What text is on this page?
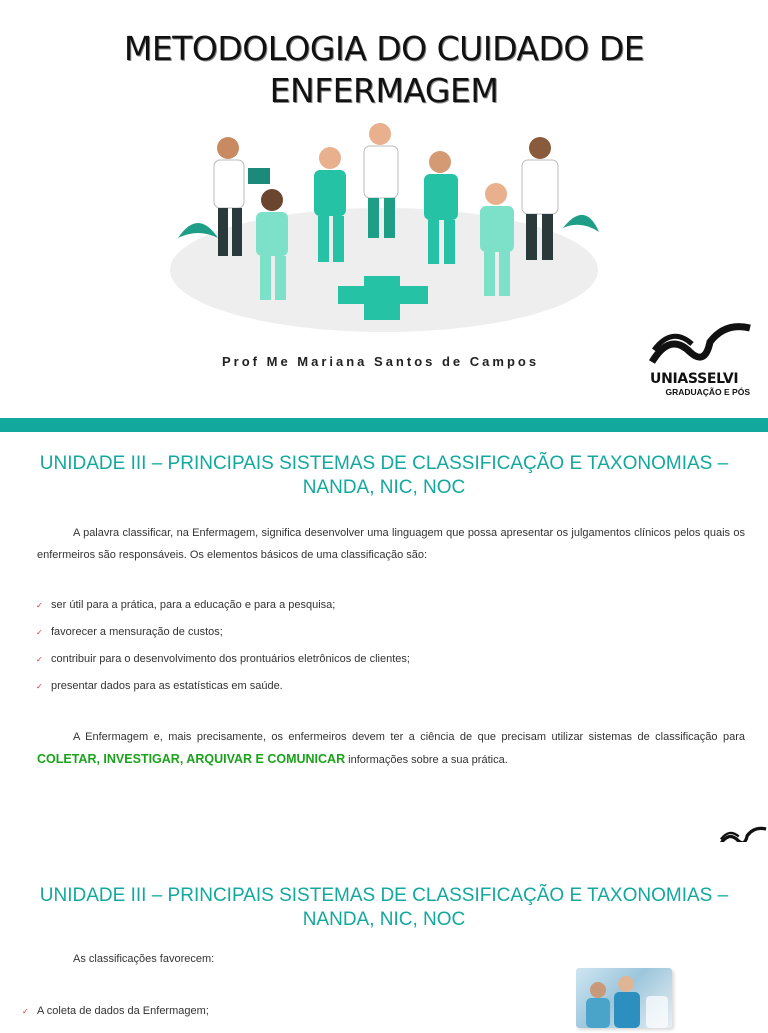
METODOLOGIA DO CUIDADO DE
ENFERMAGEM
Prof Me Mariana Santos de Campos
UNIASSELVI
GRADUAÇÃO E PÓS
UNIDADE III – PRINCIPAIS SISTEMAS DE CLASSIFICAÇÃO E TAXONOMIAS –
NANDA, NIC, NOC
A palavra classificar, na Enfermagem, significa desenvolver uma linguagem que possa apresentar os julgamentos clínicos pelos quais os enfermeiros são responsáveis. Os elementos básicos de uma classificação são:
✓ ser útil para a prática, para a educação e para a pesquisa;
✓ favorecer a mensuração de custos;
✓ contribuir para o desenvolvimento dos prontuários eletrônicos de clientes;
✓ presentar dados para as estatísticas em saúde.
A Enfermagem e, mais precisamente, os enfermeiros devem ter a ciência de que precisam utilizar sistemas de classificação para COLETAR, INVESTIGAR, ARQUIVAR E COMUNICAR informações sobre a sua prática.
UNIDADE III – PRINCIPAIS SISTEMAS DE CLASSIFICAÇÃO E TAXONOMIAS –
NANDA, NIC, NOC
As classificações favorecem:
✓ A coleta de dados da Enfermagem;
